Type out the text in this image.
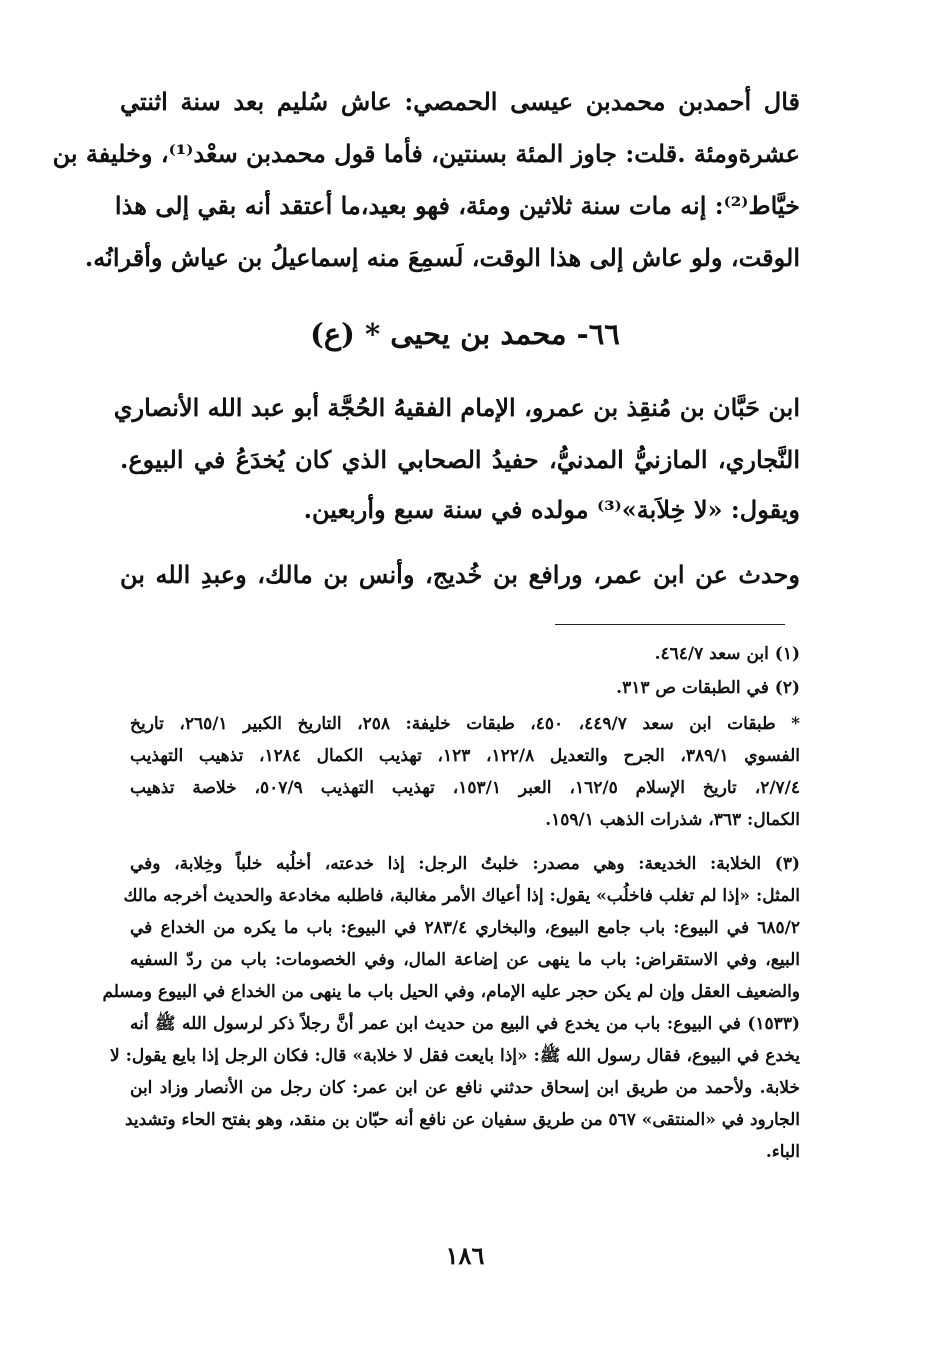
قال أحمدبن محمدبن عيسى الحمصي: عاش سُليم بعد سنة اثنتي
عشرةومئة .قلت: جاوز المئة بسنتين، فأما قول محمدبن سعْد⁽¹⁾، وخليفة بن
خيَّاط⁽²⁾: إنه مات سنة ثلاثين ومئة، فهو بعيد،ما أعتقد أنه بقي إلى هذا
الوقت، ولو عاش إلى هذا الوقت، لَسمِعَ منه إسماعيلُ بن عياش وأقرانُه.
٦٦- محمد بن يحيى * (ع)
ابن حَبَّان بن مُنقِذ بن عمرو، الإمام الفقيهُ الحُجَّة أبو عبد الله الأنصاري
النَّجاري، المازنيُّ المدنيُّ، حفيدُ الصحابي الذي كان يُخدَعُ في البيوع.
ويقول: «لا خِلاَبة»⁽³⁾ مولده في سنة سبع وأربعين.
وحدث عن ابن عمر، ورافع بن خُديج، وأنس بن مالك، وعبدِ الله بن
(١) ابن سعد ٤٦٤/٧.
(٢) في الطبقات ص ٣١٣.
* طبقات ابن سعد ٤٤٩/٧، ٤٥٠، طبقات خليفة: ٢٥٨، التاريخ الكبير ٢٦٥/١، تاريخ
الفسوي ٣٨٩/١، الجرح والتعديل ١٢٢/٨، ١٢٣، تهذيب الكمال ١٢٨٤، تذهيب التهذيب
٢/٧/٤، تاريخ الإسلام ١٦٢/٥، العبر ١٥٣/١، تهذيب التهذيب ٥٠٧/٩، خلاصة تذهيب
الكمال: ٣٦٣، شذرات الذهب ١٥٩/١.
(٣) الخلابة: الخديعة: وهي مصدر: خلبتُ الرجل: إذا خدعته، أخلُبه خلباً وخِلابة، وفي
المثل: «إذا لم تغلب فاخلُب» يقول: إذا أعياك الأمر مغالبة، فاطلبه مخادعة والحديث أخرجه مالك
٦٨٥/٢ في البيوع: باب جامع البيوع، والبخاري ٢٨٣/٤ في البيوع: باب ما يكره من الخداع في
البيع، وفي الاستقراض: باب ما ينهى عن إضاعة المال، وفي الخصومات: باب من ردّ السفيه
والضعيف العقل وإن لم يكن حجر عليه الإمام، وفي الحيل باب ما ينهى من الخداع في البيوع ومسلم
(١٥٣٣) في البيوع: باب من يخدع في البيع من حديث ابن عمر أنَّ رجلاً ذكر لرسول الله ﷺ أنه
يخدع في البيوع، فقال رسول الله ﷺ: «إذا بايعت فقل لا خلابة» قال: فكان الرجل إذا بايع يقول: لا
خلابة. ولأحمد من طريق ابن إسحاق حدثني نافع عن ابن عمر: كان رجل من الأنصار وزاد ابن
الجارود في «المنتقى» ٥٦٧ من طريق سفيان عن نافع أنه حبّان بن منقد، وهو بفتح الحاء وتشديد
الباء.
١٨٦
